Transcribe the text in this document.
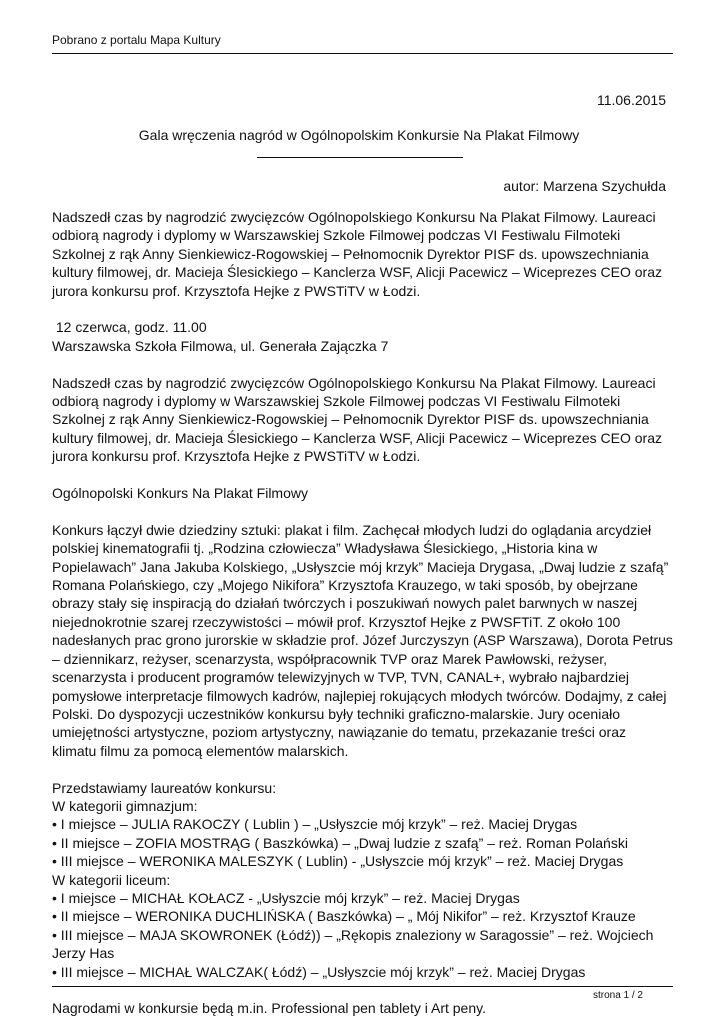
Pobrano z portalu Mapa Kultury
11.06.2015
Gala wręczenia nagród w Ogólnopolskim Konkursie Na Plakat Filmowy
autor: Marzena Szychułda

Nadszedł czas by nagrodzić zwycięzców Ogólnopolskiego Konkursu Na Plakat Filmowy. Laureaci odbiorą nagrody i dyplomy w Warszawskiej Szkole Filmowej podczas VI Festiwalu Filmoteki Szkolnej z rąk Anny Sienkiewicz-Rogowskiej – Pełnomocnik Dyrektor PISF ds. upowszechniania kultury filmowej, dr. Macieja Ślesickiego – Kanclerza WSF, Alicji Pacewicz – Wiceprezes CEO oraz jurora konkursu prof. Krzysztofa Hejke z PWSTiTV w Łodzi.

12 czerwca, godz. 11.00
Warszawska Szkoła Filmowa, ul. Generała Zajączka 7

Nadszedł czas by nagrodzić zwycięzców Ogólnopolskiego Konkursu Na Plakat Filmowy. Laureaci odbiorą nagrody i dyplomy w Warszawskiej Szkole Filmowej podczas VI Festiwalu Filmoteki Szkolnej z rąk Anny Sienkiewicz-Rogowskiej – Pełnomocnik Dyrektor PISF ds. upowszechniania kultury filmowej, dr. Macieja Ślesickiego – Kanclerza WSF, Alicji Pacewicz – Wiceprezes CEO oraz jurora konkursu prof. Krzysztofa Hejke z PWSTiTV w Łodzi.

Ogólnopolski Konkurs Na Plakat Filmowy

Konkurs łączył dwie dziedziny sztuki: plakat i film. Zachęcał młodych ludzi do oglądania arcydzieł polskiej kinematografii tj. „Rodzina człowiecza” Władysława Ślesickiego, „Historia kina w Popielawach” Jana Jakuba Kolskiego, „Usłyszcie mój krzyk” Macieja Drygasa, „Dwaj ludzie z szafą” Romana Polańskiego, czy „Mojego Nikifora” Krzysztofa Krauzego, w taki sposób, by obejrzane obrazy stały się inspiracją do działań twórczych i poszukiwań nowych palet barwnych w naszej niejednokrotnie szarej rzeczywistości – mówił prof. Krzysztof Hejke z PWSFTiT. Z około 100 nadesłanych prac grono jurorskie w składzie prof. Józef Jurczyszyn (ASP Warszawa), Dorota Petrus – dziennikarz, reżyser, scenarzysta, współpracownik TVP oraz Marek Pawłowski, reżyser, scenarzysta i producent programów telewizyjnych w TVP, TVN, CANAL+, wybrało najbardziej pomysłowe interpretacje filmowych kadrów, najlepiej rokujących młodych twórców. Dodajmy, z całej Polski. Do dyspozycji uczestników konkursu były techniki graficzno-malarskie. Jury oceniało umiejętności artystyczne, poziom artystyczny, nawiązanie do tematu, przekazanie treści oraz klimatu filmu za pomocą elementów malarskich.

Przedstawiamy laureatów konkursu:

W kategorii gimnazjum:

• I miejsce – JULIA RAKOCZY ( Lublin ) – „Usłyszcie mój krzyk” – reż. Maciej Drygas

• II miejsce – ZOFIA MOSTRĄG ( Baszkówka) – „Dwaj ludzie z szafą” – reż. Roman Polański

• III miejsce – WERONIKA MALESZYK ( Lublin) - „Usłyszcie mój krzyk” – reż. Maciej Drygas

W kategorii liceum:

• I miejsce – MICHAŁ KOŁACZ - „Usłyszcie mój krzyk” – reż. Maciej Drygas

• II miejsce – WERONIKA DUCHLIŃSKA ( Baszkówka) – „ Mój Nikifor” – reż. Krzysztof Krauze

• III miejsce – MAJA SKOWRONEK (Łódź)) – „Rękopis znaleziony w Saragossie” – reż. Wojciech Jerzy Has

• III miejsce – MICHAŁ WALCZAK( Łódź) – „Usłyszcie mój krzyk” – reż. Maciej Drygas

Nagrodami w konkursie będą m.in. Professional pen tablety i Art peny.

strona 1 / 2
